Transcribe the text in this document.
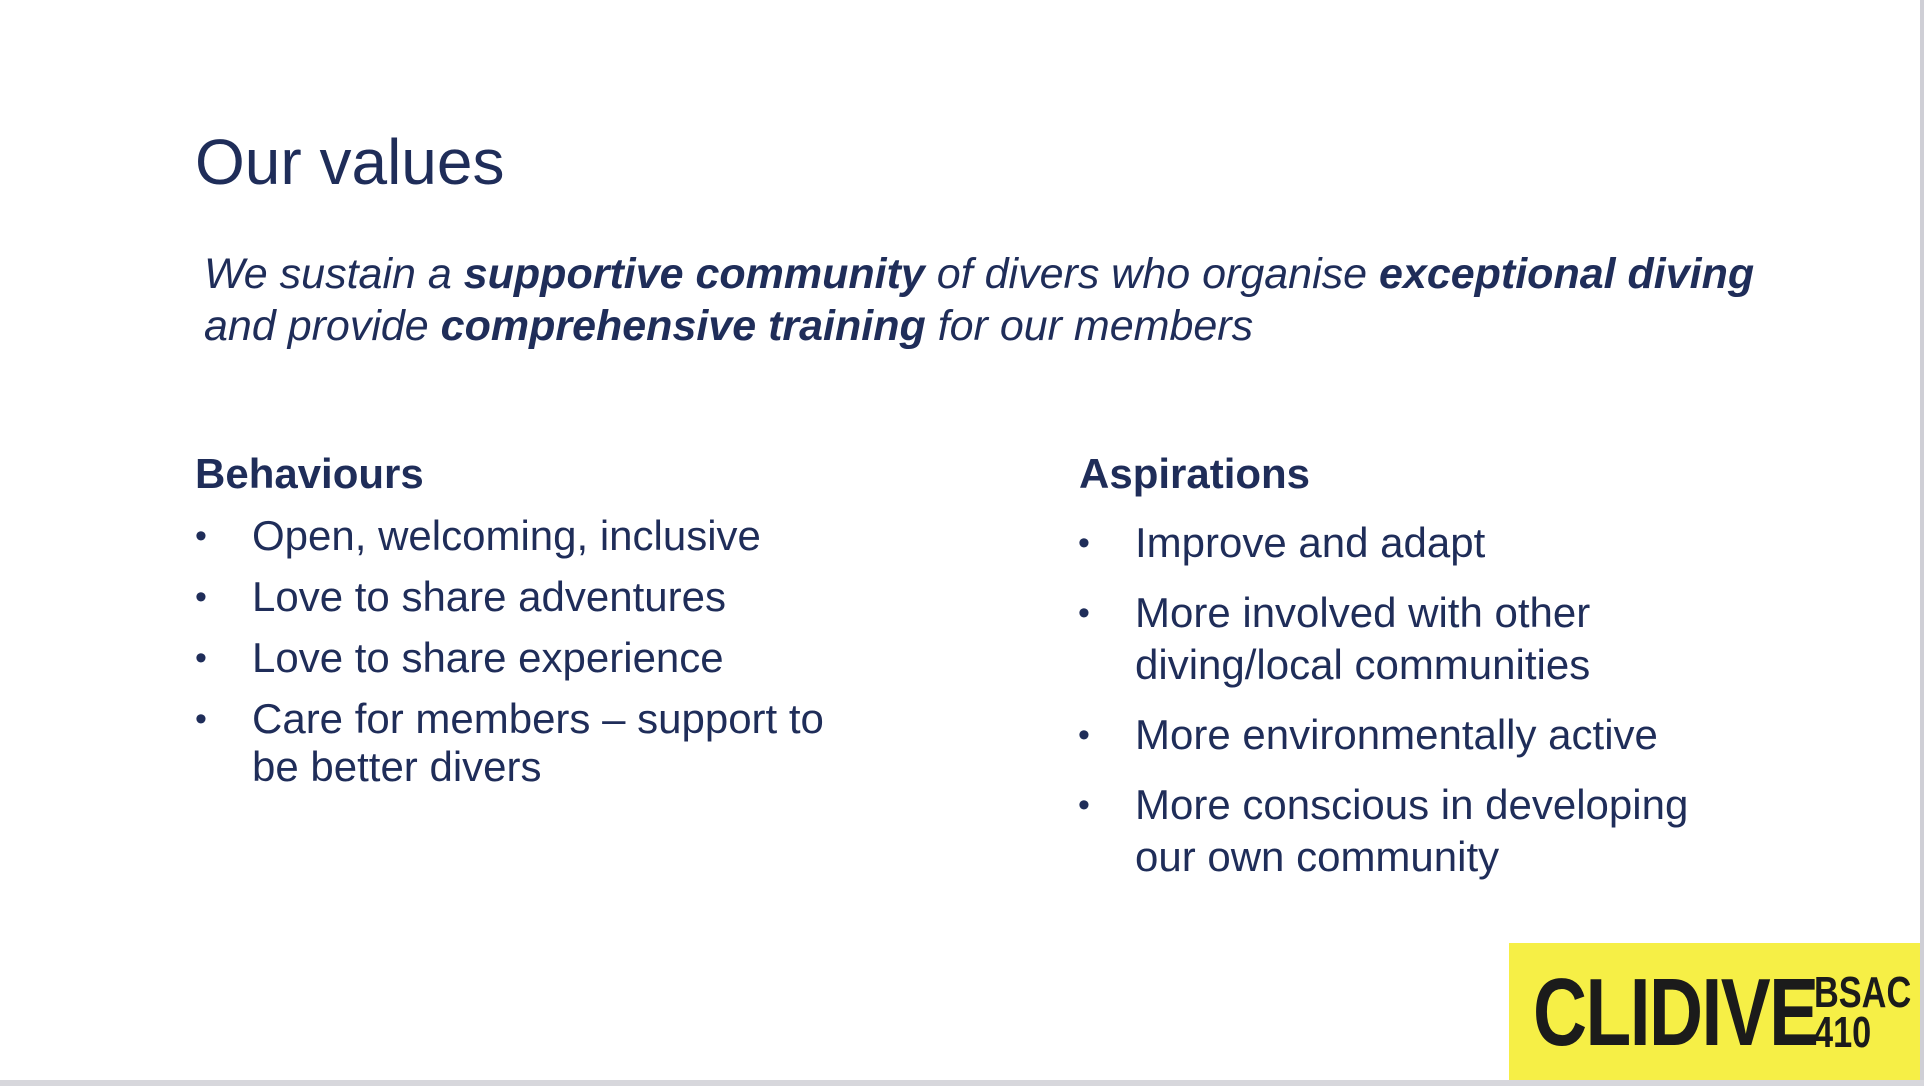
Our values
We sustain a supportive community of divers who organise exceptional diving
and provide comprehensive training for our members
Behaviours
• Open, welcoming, inclusive
• Love to share adventures
• Love to share experience
• Care for members – support to
be better divers
Aspirations
• Improve and adapt
• More involved with other
diving/local communities
• More environmentally active
• More conscious in developing
our own community
CLIDIVE
BSAC
410
